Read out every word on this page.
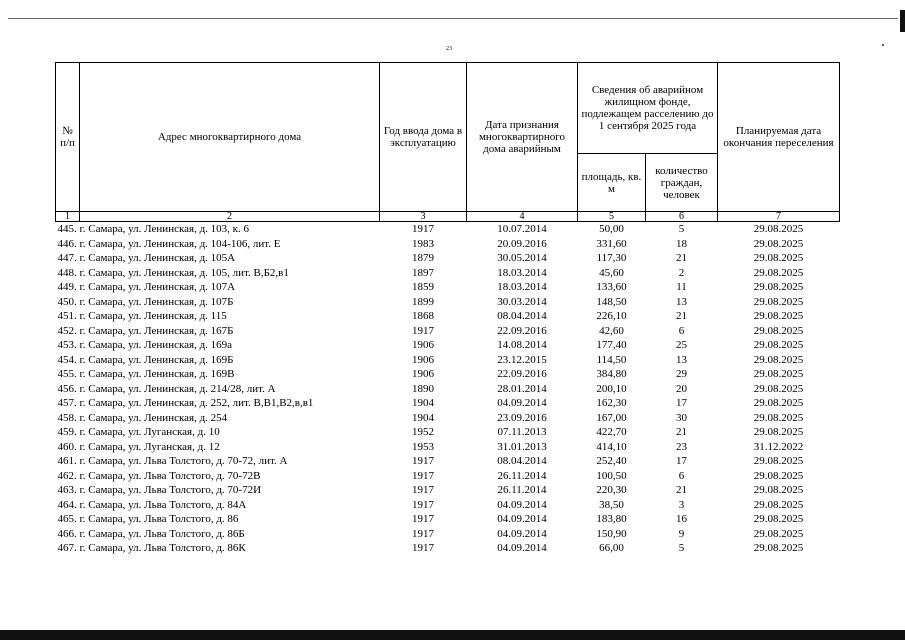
23
№ п/п	Адрес многоквартирного дома	Год ввода дома в эксплуатацию	Дата признания многоквартирного дома аварийным	Сведения об аварийном жилищном фонде, подлежащем расселению до 1 сентября 2025 года		Планируемая дата окончания переселения
				площадь, кв. м	количество граждан, человек	
1	2	3	4	5	6	7
445. г. Самара, ул. Ленинская, д. 103, к. 6		1917	10.07.2014	50,00	5	29.08.2025
446. г. Самара, ул. Ленинская, д. 104-106, лит. Е		1983	20.09.2016	331,60	18	29.08.2025
447. г. Самара, ул. Ленинская, д. 105А		1879	30.05.2014	117,30	21	29.08.2025
448. г. Самара, ул. Ленинская, д. 105, лит. В,Б2,в1		1897	18.03.2014	45,60	2	29.08.2025
449. г. Самара, ул. Ленинская, д. 107А		1859	18.03.2014	133,60	11	29.08.2025
450. г. Самара, ул. Ленинская, д. 107Б		1899	30.03.2014	148,50	13	29.08.2025
451. г. Самара, ул. Ленинская, д. 115		1868	08.04.2014	226,10	21	29.08.2025
452. г. Самара, ул. Ленинская, д. 167Б		1917	22.09.2016	42,60	6	29.08.2025
453. г. Самара, ул. Ленинская, д. 169а		1906	14.08.2014	177,40	25	29.08.2025
454. г. Самара, ул. Ленинская, д. 169Б		1906	23.12.2015	114,50	13	29.08.2025
455. г. Самара, ул. Ленинская, д. 169В		1906	22.09.2016	384,80	29	29.08.2025
456. г. Самара, ул. Ленинская, д. 214/28, лит. А		1890	28.01.2014	200,10	20	29.08.2025
457. г. Самара, ул. Ленинская, д. 252, лит. В,В1,В2,в,в1		1904	04.09.2014	162,30	17	29.08.2025
458. г. Самара, ул. Ленинская, д. 254		1904	23.09.2016	167,00	30	29.08.2025
459. г. Самара, ул. Луганская, д. 10		1952	07.11.2013	422,70	21	29.08.2025
460. г. Самара, ул. Луганская, д. 12		1953	31.01.2013	414,10	23	31.12.2022
461. г. Самара, ул. Льва Толстого, д. 70-72, лит. А		1917	08.04.2014	252,40	17	29.08.2025
462. г. Самара, ул. Льва Толстого, д. 70-72В		1917	26.11.2014	100,50	6	29.08.2025
463. г. Самара, ул. Льва Толстого, д. 70-72И		1917	26.11.2014	220,30	21	29.08.2025
464. г. Самара, ул. Льва Толстого, д. 84А		1917	04.09.2014	38,50	3	29.08.2025
465. г. Самара, ул. Льва Толстого, д. 86		1917	04.09.2014	183,80	16	29.08.2025
466. г. Самара, ул. Льва Толстого, д. 86Б		1917	04.09.2014	150,90	9	29.08.2025
467. г. Самара, ул. Льва Толстого, д. 86К		1917	04.09.2014	66,00	5	29.08.2025
